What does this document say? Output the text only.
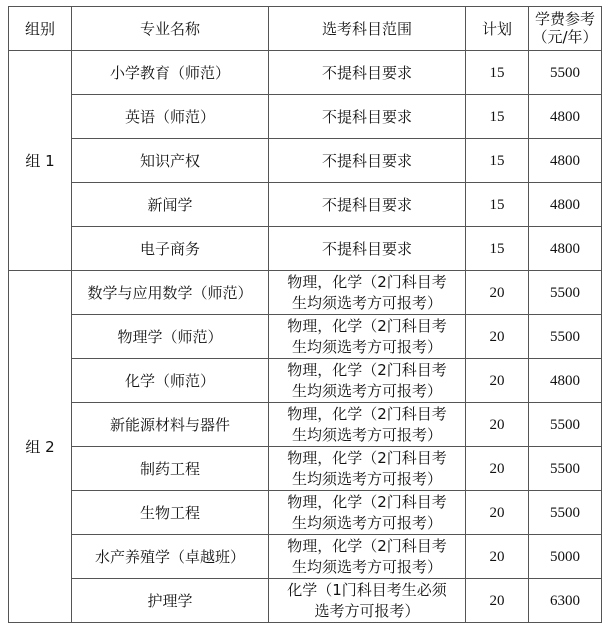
组别	专业名称	选考科目范围	计划	学费参考
（元/年）
组 1	小学教育（师范）	不提科目要求	15	5500
	英语（师范）	不提科目要求	15	4800
	知识产权	不提科目要求	15	4800
	新闻学	不提科目要求	15	4800
	电子商务	不提科目要求	15	4800
组 2	数学与应用数学（师范）	物理，化学（2门科目考
生均须选考方可报考）	20	5500
	物理学（师范）	物理，化学（2门科目考
生均须选考方可报考）	20	5500
	化学（师范）	物理，化学（2门科目考
生均须选考方可报考）	20	4800
	新能源材料与器件	物理，化学（2门科目考
生均须选考方可报考）	20	5500
	制药工程	物理，化学（2门科目考
生均须选考方可报考）	20	5500
	生物工程	物理，化学（2门科目考
生均须选考方可报考）	20	5500
	水产养殖学（卓越班）	物理，化学（2门科目考
生均须选考方可报考）	20	5000
	护理学	化学（1门科目考生必须
选考方可报考）	20	6300
